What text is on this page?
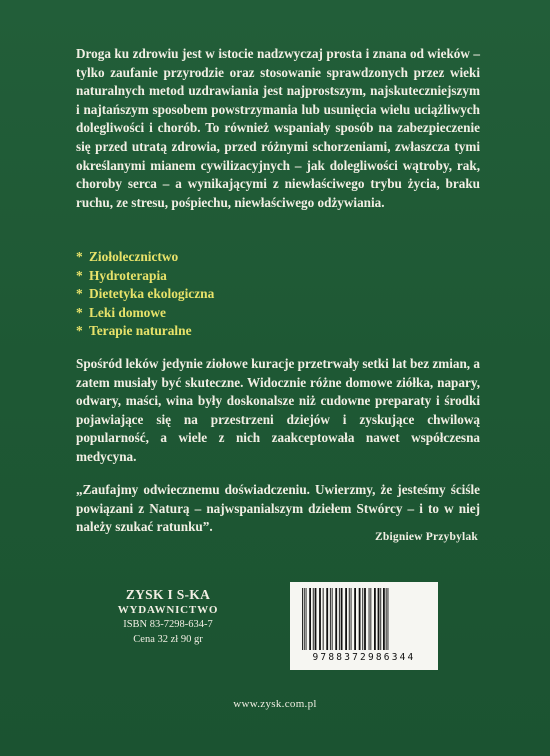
Droga ku zdrowiu jest w istocie nadzwyczaj prosta i znana od wieków – tylko zaufanie przyrodzie oraz stosowanie sprawdzonych przez wieki naturalnych metod uzdrawiania jest najprostszym, najskuteczniejszym i najtańszym sposobem powstrzymania lub usunięcia wielu uciążliwych dolegliwości i chorób. To również wspaniały sposób na zabezpieczenie się przed utratą zdrowia, przed różnymi schorzeniami, zwłaszcza tymi określanymi mianem cywilizacyjnych – jak dolegliwości wątroby, rak, choroby serca – a wynikającymi z niewłaściwego trybu życia, braku ruchu, ze stresu, pośpiechu, niewłaściwego odżywiania.

* Ziołolecznictwo
* Hydroterapia
* Dietetyka ekologiczna
* Leki domowe
* Terapie naturalne

Spośród leków jedynie ziołowe kuracje przetrwały setki lat bez zmian, a zatem musiały być skuteczne. Widocznie różne domowe ziółka, napary, odwary, maści, wina były doskonalsze niż cudowne preparaty i środki pojawiające się na przestrzeni dziejów i zyskujące chwilową popularność, a wiele z nich zaakceptowała nawet współczesna medycyna.

„Zaufajmy odwiecznemu doświadczeniu. Uwierzmy, że jesteśmy ściśle powiązani z Naturą – najwspanialszym dziełem Stwórcy – i to w niej należy szukać ratunku”.

Zbigniew Przybylak
ZYSK I S-KA
WYDAWNICTWO
ISBN 83-7298-634-7
Cena 32 zł 90 gr
9788372986344
www.zysk.com.pl
